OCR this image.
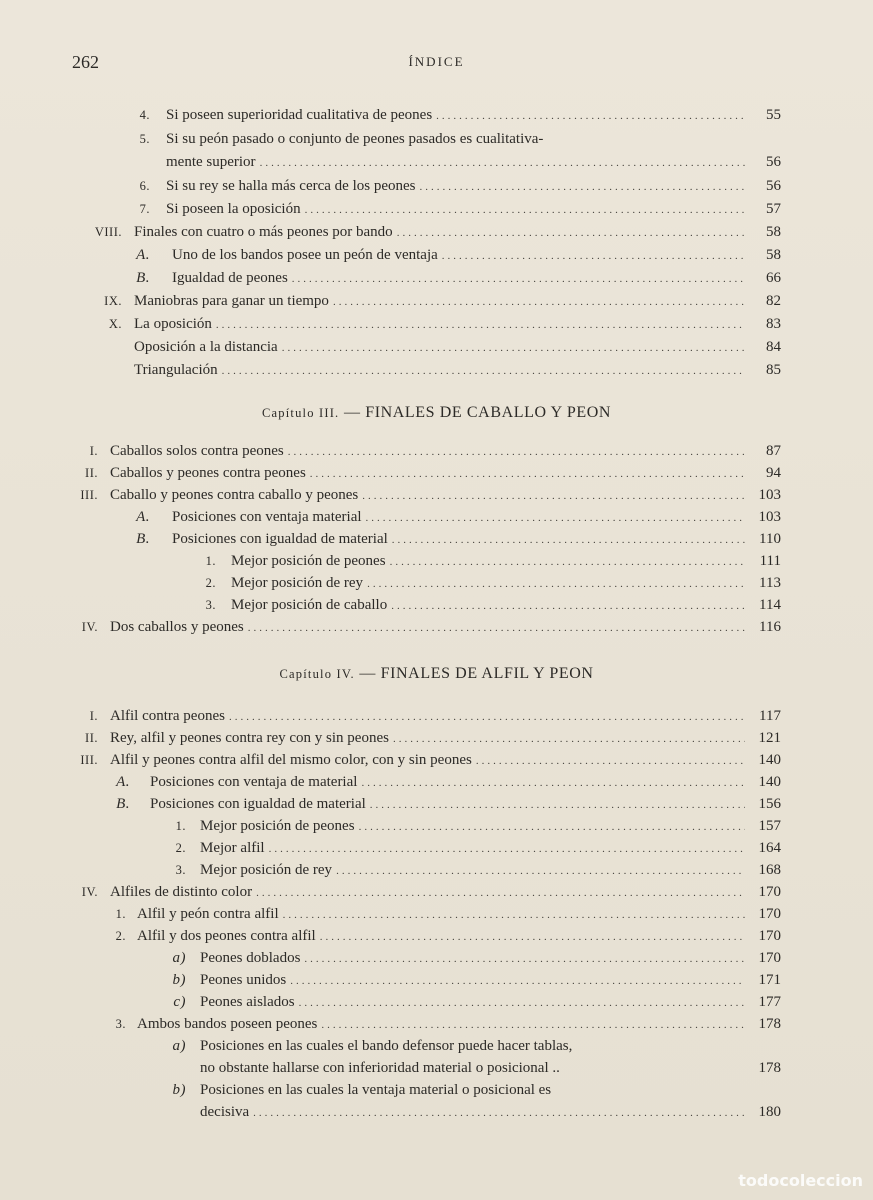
262	ÍNDICE
4. Si poseen superioridad cualitativa de peones .....	55
5. Si su peón pasado o conjunto de peones pasados es cualitativa-
mente superior .....	56
6. Si su rey se halla más cerca de los peones .....	56
7. Si poseen la oposición .....	57
VIII. Finales con cuatro o más peones por bando .....	58
A. Uno de los bandos posee un peón de ventaja .....	58
B. Igualdad de peones .....	66
IX. Maniobras para ganar un tiempo .....	82
X. La oposición .....	83
Oposición a la distancia .....	84
Triangulación .....	85
Capítulo III. — FINALES DE CABALLO Y PEON
I. Caballos solos contra peones .....	87
II. Caballos y peones contra peones .....	94
III. Caballo y peones contra caballo y peones .....	103
A. Posiciones con ventaja material .....	103
B. Posiciones con igualdad de material .....	110
1. Mejor posición de peones .....	111
2. Mejor posición de rey .....	113
3. Mejor posición de caballo .....	114
IV. Dos caballos y peones .....	116
Capítulo IV. — FINALES DE ALFIL Y PEON
I. Alfil contra peones .....	117
II. Rey, alfil y peones contra rey con y sin peones .....	121
III. Alfil y peones contra alfil del mismo color, con y sin peones .....	140
A. Posiciones con ventaja de material .....	140
B. Posiciones con igualdad de material .....	156
1. Mejor posición de peones .....	157
2. Mejor alfil .....	164
3. Mejor posición de rey .....	168
IV. Alfiles de distinto color .....	170
1. Alfil y peón contra alfil .....	170
2. Alfil y dos peones contra alfil .....	170
a) Peones doblados .....	170
b) Peones unidos .....	171
c) Peones aislados .....	177
3. Ambos bandos poseen peones .....	178
a) Posiciones en las cuales el bando defensor puede hacer tablas,
no obstante hallarse con inferioridad material o posicional ..	178
b) Posiciones en las cuales la ventaja material o posicional es
decisiva .....	180
todocoleccion
